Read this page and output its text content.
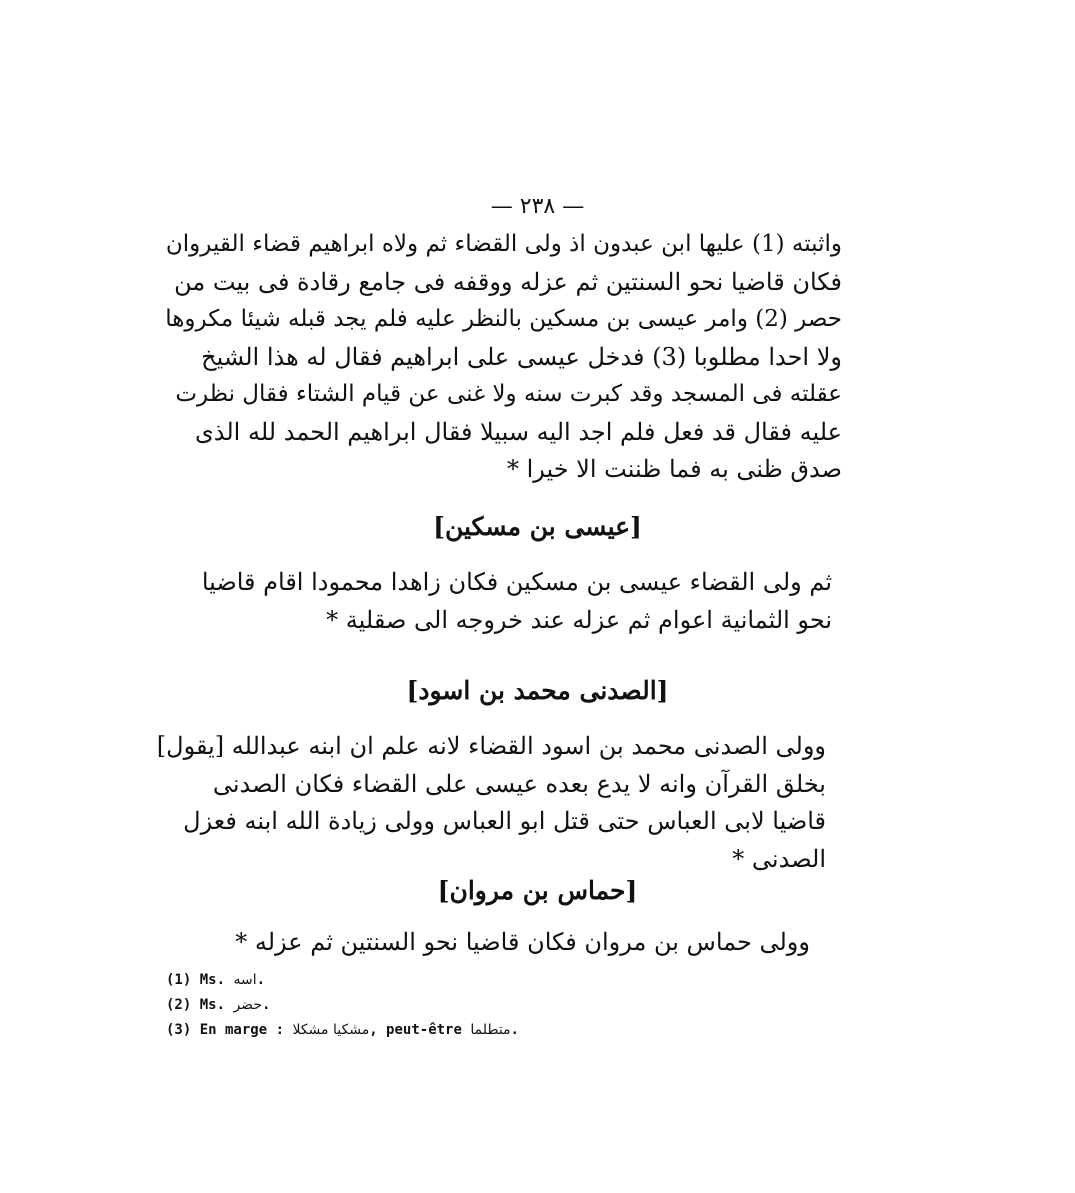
— ٢٣٨ —
واثبته (1) عليها ابن عبدون اذ ولى القضاء ثم ولاه ابراهيم قضاء القيروان
فكان قاضيا نحو السنتين ثم عزله ووقفه فى جامع رقادة فى بيت من
حصر (2) وامر عيسى بن مسكين بالنظر عليه فلم يجد قبله شيئا مكروها
ولا احدا مطلوبا (3) فدخل عيسى على ابراهيم فقال له هذا الشيخ
عقلته فى المسجد وقد كبرت سنه ولا غنى عن قيام الشتاء فقال نظرت
عليه فقال قد فعل فلم اجد اليه سبيلا فقال ابراهيم الحمد لله الذى
صدق ظنى به فما ظننت الا خيرا *
[عيسى بن مسكين]
ثم ولى القضاء عيسى بن مسكين فكان زاهدا محمودا اقام قاضيا
نحو الثمانية اعوام ثم عزله عند خروجه الى صقلية *
[الصدنى محمد بن اسود]
وولى الصدنى محمد بن اسود القضاء لانه علم ان ابنه عبدالله [يقول]
بخلق القرآن وانه لا يدع بعده عيسى على القضاء فكان الصدنى
قاضيا لابى العباس حتى قتل ابو العباس وولى زيادة الله ابنه فعزل
الصدنى *
[حماس بن مروان]
وولى حماس بن مروان فكان قاضيا نحو السنتين ثم عزله *
(1) Ms. اسه.
(2) Ms. حضر.
(3) En marge : مشكيا مشكلا, peut-être متطلما.
